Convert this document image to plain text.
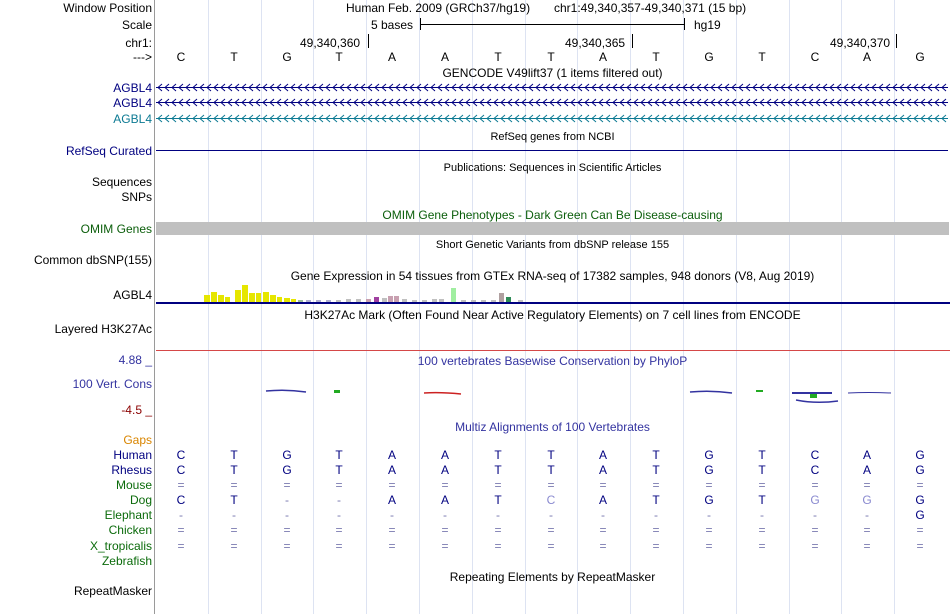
Window Position
Scale
chr1:
--->
Human Feb. 2009 (GRCh37/hg19) chr1:49,340,357-49,340,371 (15 bp)
5 bases	hg19
49,340,360	49,340,365	49,340,370
C	T	G	T	A	A	T	T	A	T	G	T	C	A	G
GENCODE V49lift37 (1 items filtered out)
AGBL4
AGBL4
AGBL4
RefSeq genes from NCBI
RefSeq Curated
Publications: Sequences in Scientific Articles
Sequences
SNPs
OMIM Gene Phenotypes - Dark Green Can Be Disease-causing
OMIM Genes
Short Genetic Variants from dbSNP release 155
Common dbSNP(155)
Gene Expression in 54 tissues from GTEx RNA-seq of 17382 samples, 948 donors (V8, Aug 2019)
AGBL4
H3K27Ac Mark (Often Found Near Active Regulatory Elements) on 7 cell lines from ENCODE
Layered H3K27Ac
4.88 _	100 vertebrates Basewise Conservation by PhyloP
100 Vert. Cons
-4.5 _
Multiz Alignments of 100 Vertebrates
Gaps
Human	C	T	G	T	A	A	T	T	A	T	G	T	C	A	G
Rhesus	C	T	G	T	A	A	T	T	A	T	G	T	C	A	G
Mouse	=	=	=	=	=	=	=	=	=	=	=	=	=	=	=
Dog	C	T	-	-	A	A	T	C	A	T	G	T	G	G	G
Elephant	-	-	-	-	-	-	-	-	-	-	-	-	-	-	G
Chicken	=	=	=	=	=	=	=	=	=	=	=	=	=	=	=
X_tropicalis	=	=	=	=	=	=	=	=	=	=	=	=	=	=	=
Zebrafish
Repeating Elements by RepeatMasker
RepeatMasker
